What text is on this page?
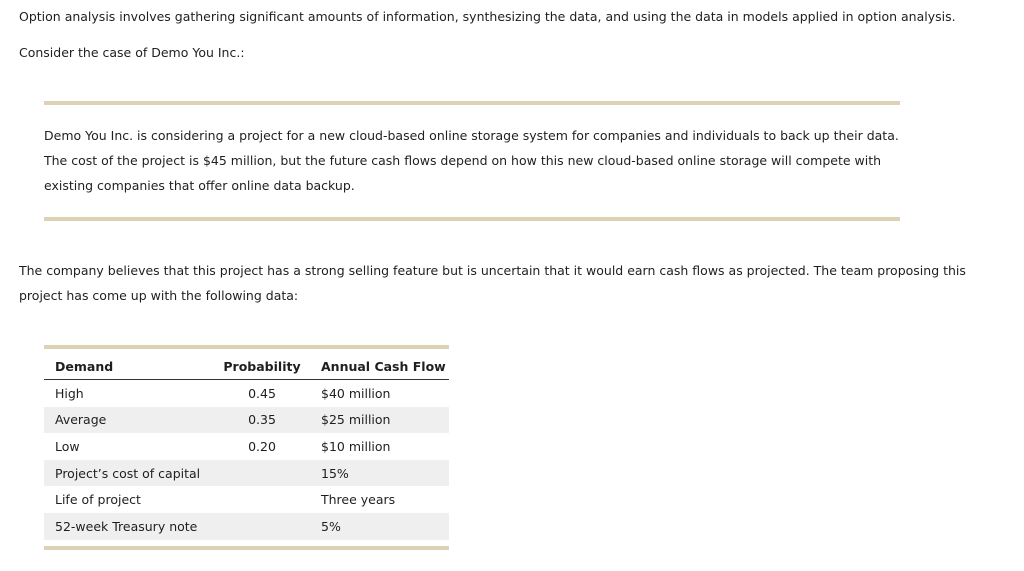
Option analysis involves gathering significant amounts of information, synthesizing the data, and using the data in models applied in option analysis.

Consider the case of Demo You Inc.:

Demo You Inc. is considering a project for a new cloud-based online storage system for companies and individuals to back up their data.
The cost of the project is $45 million, but the future cash flows depend on how this new cloud-based online storage will compete with
existing companies that offer online data backup.

The company believes that this project has a strong selling feature but is uncertain that it would earn cash flows as projected. The team proposing this
project has come up with the following data:

Demand	Probability	Annual Cash Flow
High	0.45	$40 million
Average	0.35	$25 million
Low	0.20	$10 million
Project’s cost of capital		15%
Life of project		Three years
52-week Treasury note		5%
